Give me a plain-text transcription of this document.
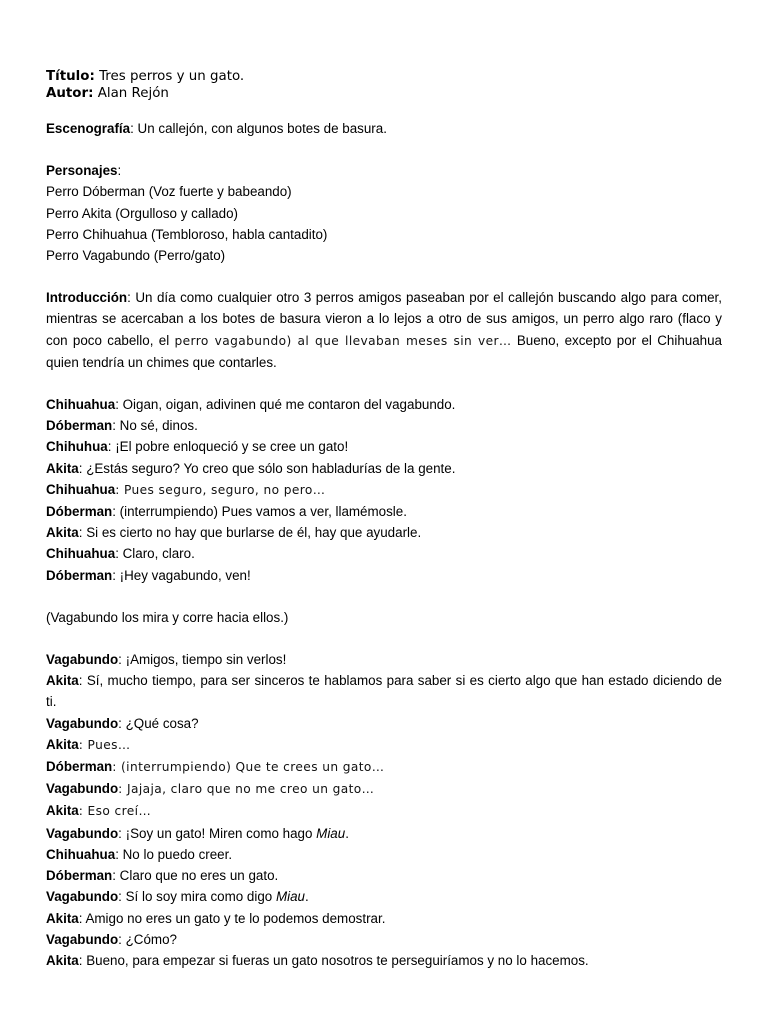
Título: Tres perros y un gato.

Autor: Alan Rejón

Escenografía: Un callejón, con algunos botes de basura.

Personajes:

Perro Dóberman (Voz fuerte y babeando)

Perro Akita (Orgulloso y callado)

Perro Chihuahua (Tembloroso, habla cantadito)

Perro Vagabundo (Perro/gato)

Introducción: Un día como cualquier otro 3 perros amigos paseaban por el callejón buscando algo para comer, mientras se acercaban a los botes de basura vieron a lo lejos a otro de sus amigos, un perro algo raro (flaco y con poco cabello, el perro vagabundo) al que llevaban meses sin ver… Bueno, excepto por el Chihuahua quien tendría un chimes que contarles.

Chihuahua: Oigan, oigan, adivinen qué me contaron del vagabundo.

Dóberman: No sé, dinos.

Chihuhua: ¡El pobre enloqueció y se cree un gato!

Akita: ¿Estás seguro? Yo creo que sólo son habladurías de la gente.

Chihuahua: Pues seguro, seguro, no pero…

Dóberman: (interrumpiendo) Pues vamos a ver, llamémosle.

Akita: Si es cierto no hay que burlarse de él, hay que ayudarle.

Chihuahua: Claro, claro.

Dóberman: ¡Hey vagabundo, ven!

(Vagabundo los mira y corre hacia ellos.)

Vagabundo: ¡Amigos, tiempo sin verlos!

Akita: Sí, mucho tiempo, para ser sinceros te hablamos para saber si es cierto algo que han estado diciendo de ti.

Vagabundo: ¿Qué cosa?

Akita: Pues…

Dóberman: (interrumpiendo) Que te crees un gato…

Vagabundo: Jajaja, claro que no me creo un gato…

Akita: Eso creí…

Vagabundo: ¡Soy un gato! Miren como hago Miau.

Chihuahua: No lo puedo creer.

Dóberman: Claro que no eres un gato.

Vagabundo: Sí lo soy mira como digo Miau.

Akita: Amigo no eres un gato y te lo podemos demostrar.

Vagabundo: ¿Cómo?

Akita: Bueno, para empezar si fueras un gato nosotros te perseguiríamos y no lo hacemos.
